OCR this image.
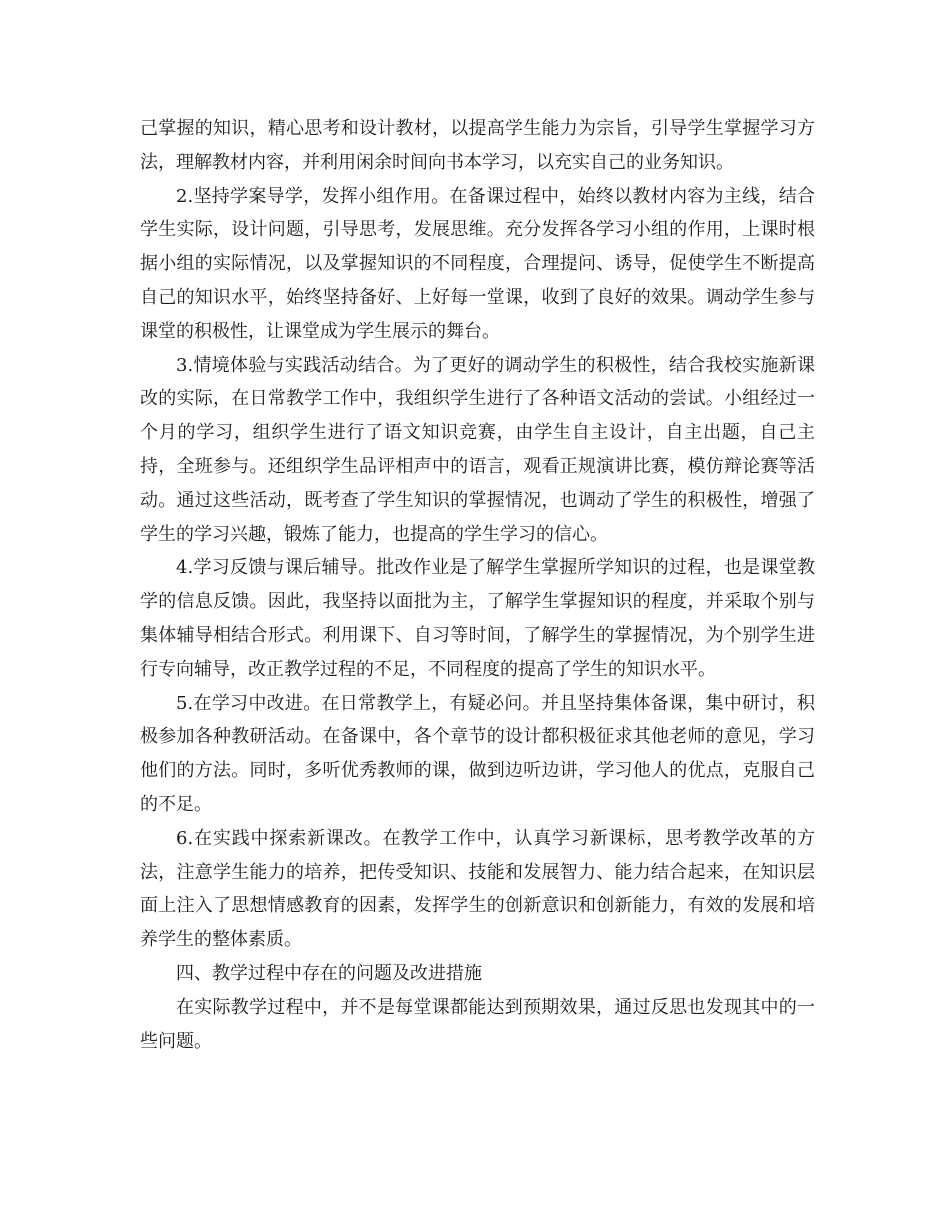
己掌握的知识，精心思考和设计教材，以提高学生能力为宗旨，引导学生掌握学习方法，理解教材内容，并利用闲余时间向书本学习，以充实自己的业务知识。

2.坚持学案导学，发挥小组作用。在备课过程中，始终以教材内容为主线，结合学生实际，设计问题，引导思考，发展思维。充分发挥各学习小组的作用，上课时根据小组的实际情况，以及掌握知识的不同程度，合理提问、诱导，促使学生不断提高自己的知识水平，始终坚持备好、上好每一堂课，收到了良好的效果。调动学生参与课堂的积极性，让课堂成为学生展示的舞台。

3.情境体验与实践活动结合。为了更好的调动学生的积极性，结合我校实施新课改的实际，在日常教学工作中，我组织学生进行了各种语文活动的尝试。小组经过一个月的学习，组织学生进行了语文知识竞赛，由学生自主设计，自主出题，自己主持，全班参与。还组织学生品评相声中的语言，观看正规演讲比赛，模仿辩论赛等活动。通过这些活动，既考查了学生知识的掌握情况，也调动了学生的积极性，增强了学生的学习兴趣，锻炼了能力，也提高的学生学习的信心。

4.学习反馈与课后辅导。批改作业是了解学生掌握所学知识的过程，也是课堂教学的信息反馈。因此，我坚持以面批为主，了解学生掌握知识的程度，并采取个别与集体辅导相结合形式。利用课下、自习等时间，了解学生的掌握情况，为个别学生进行专向辅导，改正教学过程的不足，不同程度的提高了学生的知识水平。

5.在学习中改进。在日常教学上，有疑必问。并且坚持集体备课，集中研讨，积极参加各种教研活动。在备课中，各个章节的设计都积极征求其他老师的意见，学习他们的方法。同时，多听优秀教师的课，做到边听边讲，学习他人的优点，克服自己的不足。

6.在实践中探索新课改。在教学工作中，认真学习新课标，思考教学改革的方法，注意学生能力的培养，把传受知识、技能和发展智力、能力结合起来，在知识层面上注入了思想情感教育的因素，发挥学生的创新意识和创新能力，有效的发展和培养学生的整体素质。

四、教学过程中存在的问题及改进措施

在实际教学过程中，并不是每堂课都能达到预期效果，通过反思也发现其中的一些问题。
